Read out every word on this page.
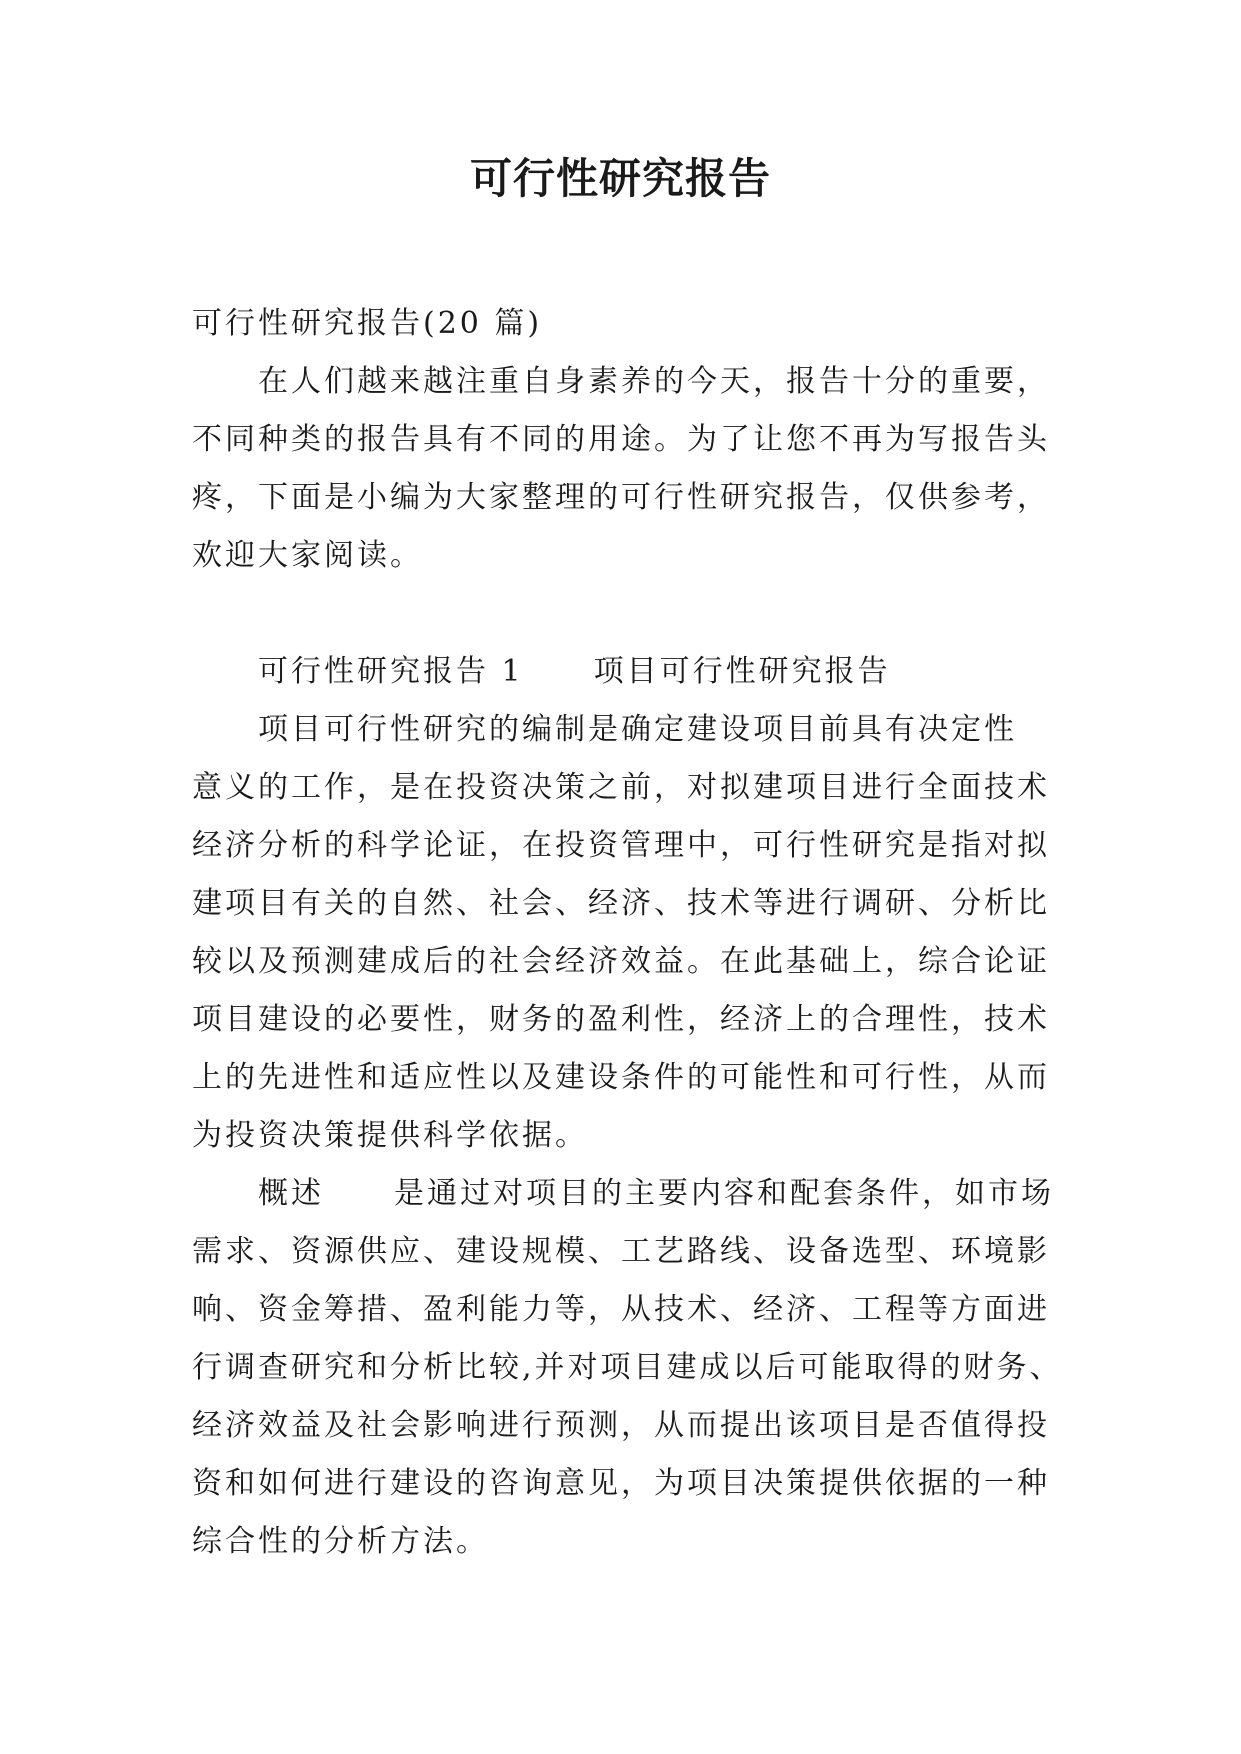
可行性研究报告
可行性研究报告(20 篇)
在人们越来越注重自身素养的今天，报告十分的重要，
不同种类的报告具有不同的用途。为了让您不再为写报告头
疼，下面是小编为大家整理的可行性研究报告，仅供参考，
欢迎大家阅读。
可行性研究报告 1 项目可行性研究报告
项目可行性研究的编制是确定建设项目前具有决定性
意义的工作，是在投资决策之前，对拟建项目进行全面技术
经济分析的科学论证，在投资管理中，可行性研究是指对拟
建项目有关的自然、社会、经济、技术等进行调研、分析比
较以及预测建成后的社会经济效益。在此基础上，综合论证
项目建设的必要性，财务的盈利性，经济上的合理性，技术
上的先进性和适应性以及建设条件的可能性和可行性，从而
为投资决策提供科学依据。
概述 是通过对项目的主要内容和配套条件，如市场
需求、资源供应、建设规模、工艺路线、设备选型、环境影
响、资金筹措、盈利能力等，从技术、经济、工程等方面进
行调查研究和分析比较,并对项目建成以后可能取得的财务、
经济效益及社会影响进行预测，从而提出该项目是否值得投
资和如何进行建设的咨询意见，为项目决策提供依据的一种
综合性的分析方法。
